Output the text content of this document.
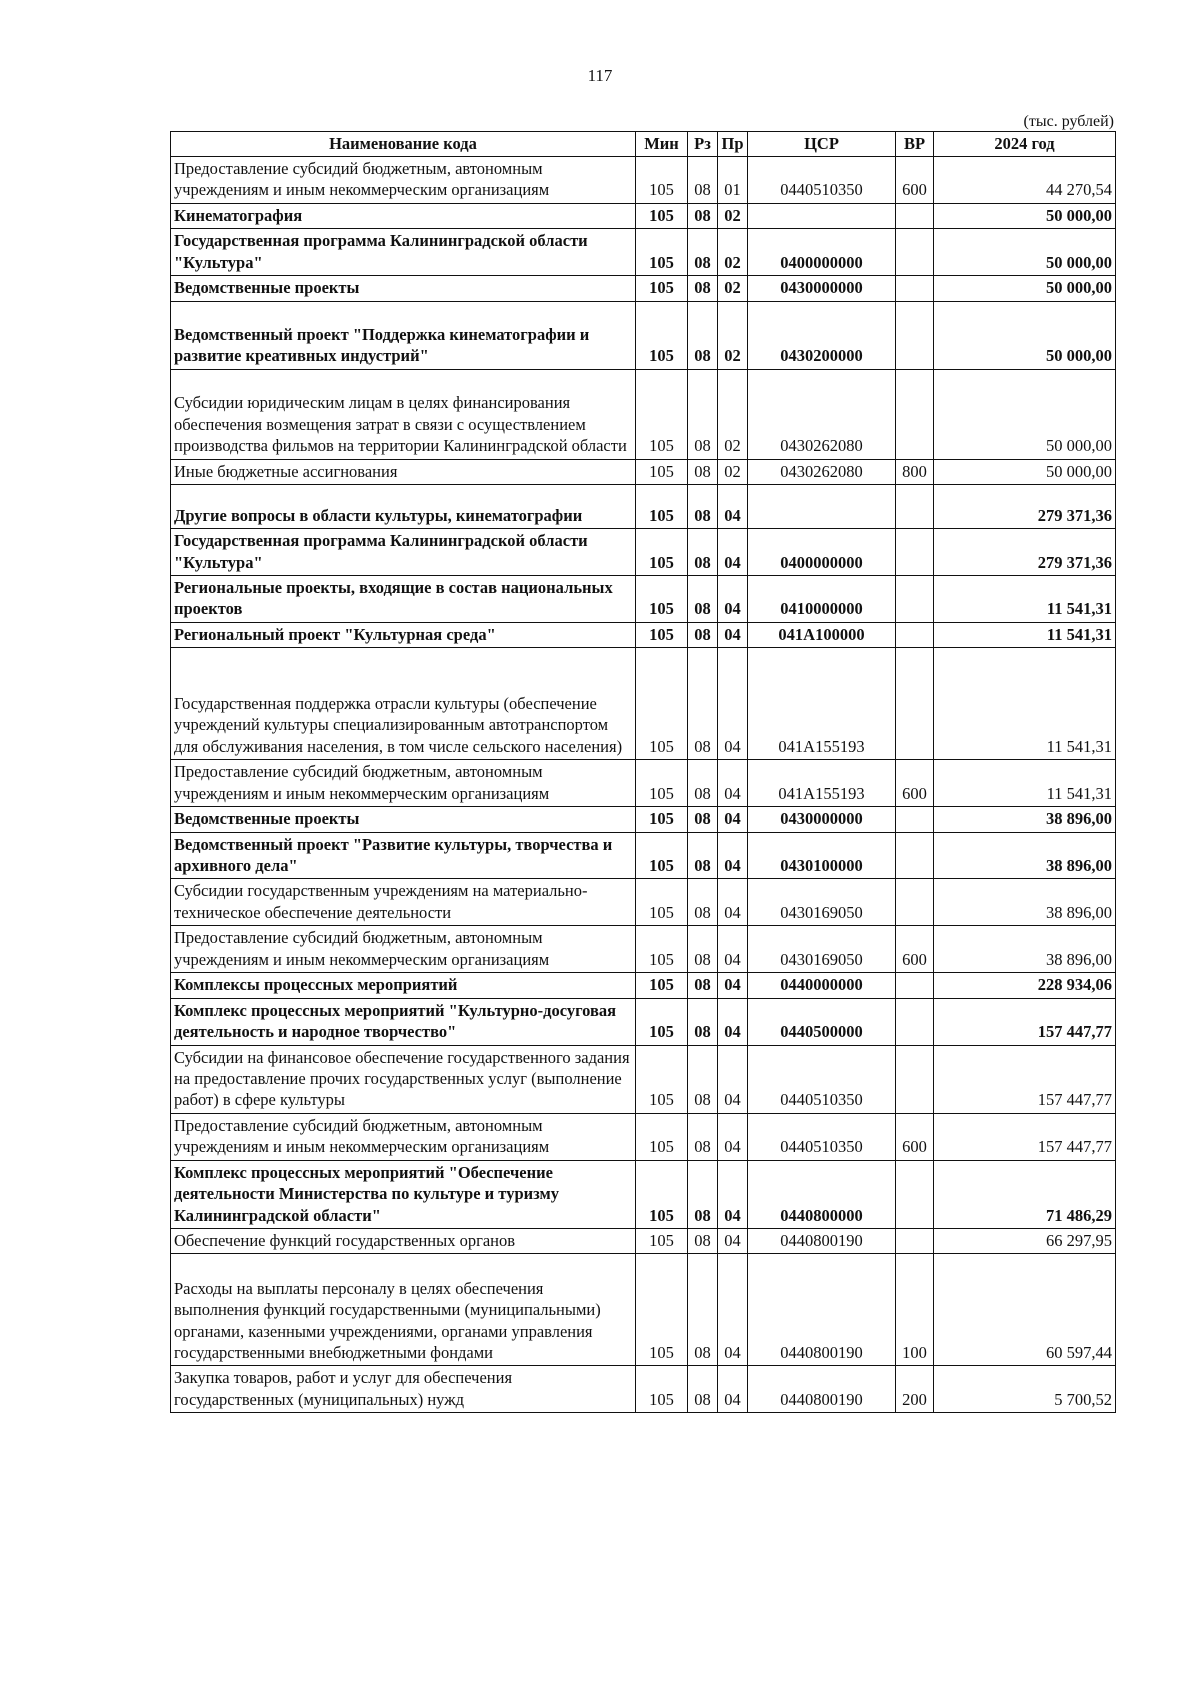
117
(тыс. рублей)
Наименование кода	Мин	Рз	Пр	ЦСР	ВР	2024 год
Предоставление субсидий бюджетным, автономным учреждениям и иным некоммерческим организациям	105	08	01	0440510350	600	44 270,54
Кинематография	105	08	02			50 000,00
Государственная программа Калининградской области "Культура"	105	08	02	0400000000		50 000,00
Ведомственные проекты	105	08	02	0430000000		50 000,00
Ведомственный проект "Поддержка кинематографии и развитие креативных индустрий"	105	08	02	0430200000		50 000,00
Субсидии юридическим лицам в целях финансирования обеспечения возмещения затрат в связи с осуществлением производства фильмов на территории Калининградской области	105	08	02	0430262080		50 000,00
Иные бюджетные ассигнования	105	08	02	0430262080	800	50 000,00
Другие вопросы в области культуры, кинематографии	105	08	04			279 371,36
Государственная программа Калининградской области "Культура"	105	08	04	0400000000		279 371,36
Региональные проекты, входящие в состав национальных проектов	105	08	04	0410000000		11 541,31
Региональный проект "Культурная среда"	105	08	04	041A100000		11 541,31
Государственная поддержка отрасли культуры (обеспечение учреждений культуры специализированным автотранспортом для обслуживания населения, в том числе сельского населения)	105	08	04	041A155193		11 541,31
Предоставление субсидий бюджетным, автономным учреждениям и иным некоммерческим организациям	105	08	04	041A155193	600	11 541,31
Ведомственные проекты	105	08	04	0430000000		38 896,00
Ведомственный проект "Развитие культуры, творчества и архивного дела"	105	08	04	0430100000		38 896,00
Субсидии государственным учреждениям на материально-техническое обеспечение деятельности	105	08	04	0430169050		38 896,00
Предоставление субсидий бюджетным, автономным учреждениям и иным некоммерческим организациям	105	08	04	0430169050	600	38 896,00
Комплексы процессных мероприятий	105	08	04	0440000000		228 934,06
Комплекс процессных мероприятий "Культурно-досуговая деятельность и народное творчество"	105	08	04	0440500000		157 447,77
Субсидии на финансовое обеспечение государственного задания на предоставление прочих государственных услуг (выполнение работ) в сфере культуры	105	08	04	0440510350		157 447,77
Предоставление субсидий бюджетным, автономным учреждениям и иным некоммерческим организациям	105	08	04	0440510350	600	157 447,77
Комплекс процессных мероприятий "Обеспечение деятельности Министерства по культуре и туризму Калининградской области"	105	08	04	0440800000		71 486,29
Обеспечение функций государственных органов	105	08	04	0440800190		66 297,95
Расходы на выплаты персоналу в целях обеспечения выполнения функций государственными (муниципальными) органами, казенными учреждениями, органами управления государственными внебюджетными фондами	105	08	04	0440800190	100	60 597,44
Закупка товаров, работ и услуг для обеспечения государственных (муниципальных) нужд	105	08	04	0440800190	200	5 700,52
